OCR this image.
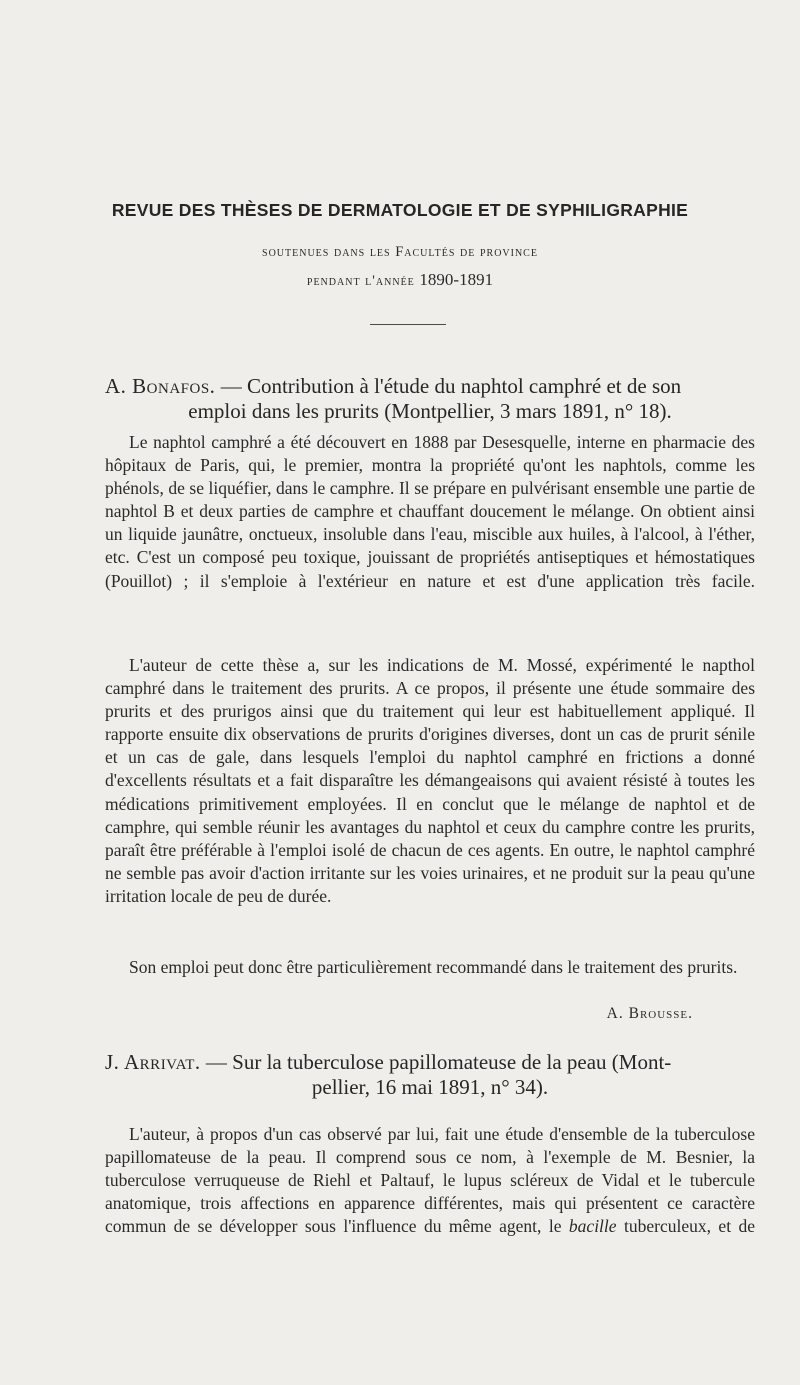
REVUE DES THÈSES DE DERMATOLOGIE ET DE SYPHILIGRAPHIE
soutenues dans les Facultés de province
pendant l'année 1890-1891
A. Bonafos. — Contribution à l'étude du naphtol camphré et de son
emploi dans les prurits (Montpellier, 3 mars 1891, n° 18).

Le naphtol camphré a été découvert en 1888 par Desesquelle, interne en pharmacie des hôpitaux de Paris, qui, le premier, montra la propriété qu'ont les naphtols, comme les phénols, de se liquéfier, dans le camphre. Il se prépare en pulvérisant ensemble une partie de naphtol B et deux parties de camphre et chauffant doucement le mélange. On obtient ainsi un liquide jaunâtre, onctueux, insoluble dans l'eau, miscible aux huiles, à l'alcool, à l'éther, etc. C'est un composé peu toxique, jouissant de propriétés antiseptiques et hémostatiques (Pouillot) ; il s'emploie à l'extérieur en nature et est d'une application très facile.

L'auteur de cette thèse a, sur les indications de M. Mossé, expérimenté le napthol camphré dans le traitement des prurits. A ce propos, il présente une étude sommaire des prurits et des prurigos ainsi que du traitement qui leur est habituellement appliqué. Il rapporte ensuite dix observations de prurits d'origines diverses, dont un cas de prurit sénile et un cas de gale, dans lesquels l'emploi du naphtol camphré en frictions a donné d'excellents résultats et a fait disparaître les démangeaisons qui avaient résisté à toutes les médications primitivement employées. Il en conclut que le mélange de naphtol et de camphre, qui semble réunir les avantages du naphtol et ceux du camphre contre les prurits, paraît être préférable à l'emploi isolé de chacun de ces agents. En outre, le naphtol camphré ne semble pas avoir d'action irritante sur les voies urinaires, et ne produit sur la peau qu'une irritation locale de peu de durée.

Son emploi peut donc être particulièrement recommandé dans le traitement des prurits.

A. Brousse.
J. Arrivat. — Sur la tuberculose papillomateuse de la peau (Mont-
pellier, 16 mai 1891, n° 34).

L'auteur, à propos d'un cas observé par lui, fait une étude d'ensemble de la tuberculose papillomateuse de la peau. Il comprend sous ce nom, à l'exemple de M. Besnier, la tuberculose verruqueuse de Riehl et Paltauf, le lupus scléreux de Vidal et le tubercule anatomique, trois affections en apparence différentes, mais qui présentent ce caractère commun de se développer sous l'influence du même agent, le bacille tuberculeux, et de
